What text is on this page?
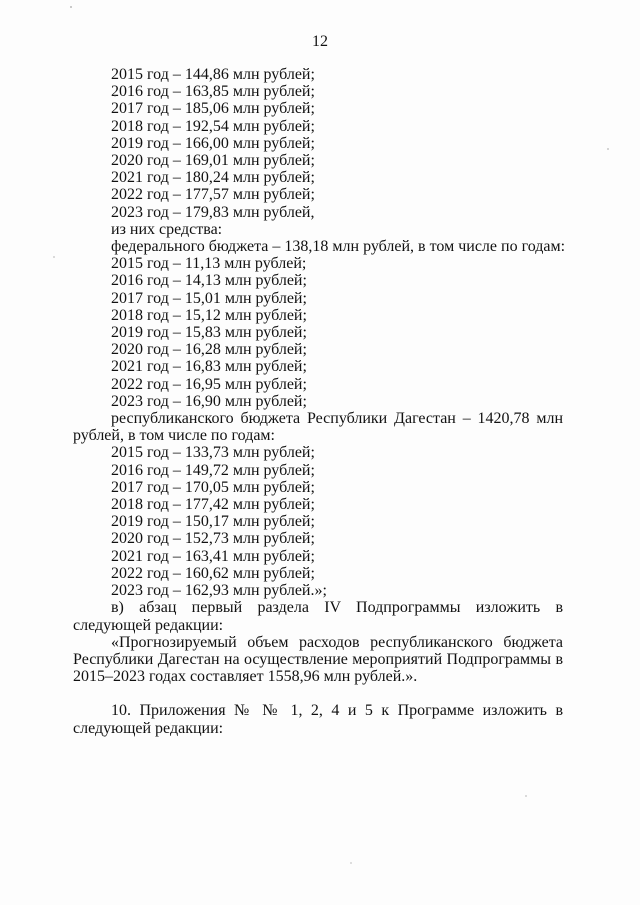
12
2015 год – 144,86 млн рублей;
2016 год – 163,85 млн рублей;
2017 год – 185,06 млн рублей;
2018 год – 192,54 млн рублей;
2019 год – 166,00 млн рублей;
2020 год – 169,01 млн рублей;
2021 год – 180,24 млн рублей;
2022 год – 177,57 млн рублей;
2023 год – 179,83 млн рублей,
из них средства:
федерального бюджета – 138,18 млн рублей, в том числе по годам:
2015 год – 11,13 млн рублей;
2016 год – 14,13 млн рублей;
2017 год – 15,01 млн рублей;
2018 год – 15,12 млн рублей;
2019 год – 15,83 млн рублей;
2020 год – 16,28 млн рублей;
2021 год – 16,83 млн рублей;
2022 год – 16,95 млн рублей;
2023 год – 16,90 млн рублей;
республиканского бюджета Республики Дагестан – 1420,78 млн рублей, в том числе по годам:
2015 год – 133,73 млн рублей;
2016 год – 149,72 млн рублей;
2017 год – 170,05 млн рублей;
2018 год – 177,42 млн рублей;
2019 год – 150,17 млн рублей;
2020 год – 152,73 млн рублей;
2021 год – 163,41 млн рублей;
2022 год – 160,62 млн рублей;
2023 год – 162,93 млн рублей.»;
в) абзац первый раздела IV Подпрограммы изложить в следующей редакции:
«Прогнозируемый объем расходов республиканского бюджета Республики Дагестан на осуществление мероприятий Подпрограммы в 2015–2023 годах составляет 1558,96 млн рублей.».
10. Приложения № № 1, 2, 4 и 5 к Программе изложить в следующей редакции:
